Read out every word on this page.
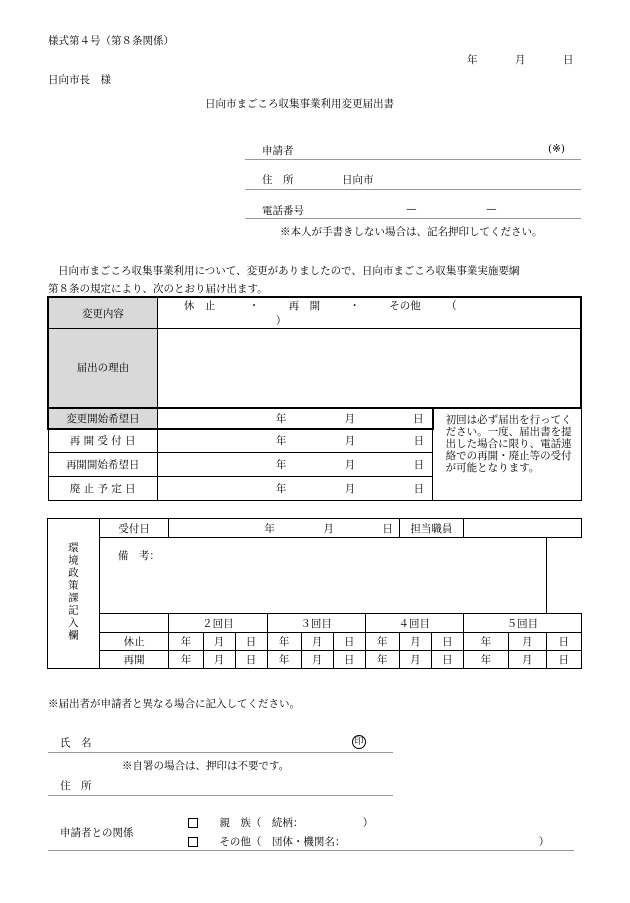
様式第４号（第８条関係）
年	月	日
日向市長　様
日向市まごころ収集事業利用変更届出書
申請者	(※)
住　所	日向市
電話番号	—	—
※本人が手書きしない場合は、記名押印してください。
日向市まごころ収集事業利用について、変更がありましたので、日向市まごころ収集事業実施要綱
第８条の規定により、次のとおり届け出ます。
変更内容	休　止 ・ 再　開 ・ その他 （ ）	
届出の理由		
変更開始希望日	年 月 日	初回は必ず届出を行ってください。一度、届出書を提出した場合に限り、電話連絡での再開・廃止等の受付が可能となります。
再 開 受 付 日	年 月 日	

再開開始希望日	年 月 日	

廃 止 予 定 日	年 月 日	
環境政策課記入欄	受付日	年 月 日							担当職員				
	備　考：												
		２回目			３回目			４回目			５回目		
	休止	年	月	日	年	月	日	年	月	日	年	月	日
	再開	年	月	日	年	月	日	年	月	日	年	月	日
※届出者が申請者と異なる場合に記入してください。
氏　名	印
※自署の場合は、押印は不要です。
住　所
申請者との関係
親　族（　続柄：	）
その他（　団体・機関名：	）
